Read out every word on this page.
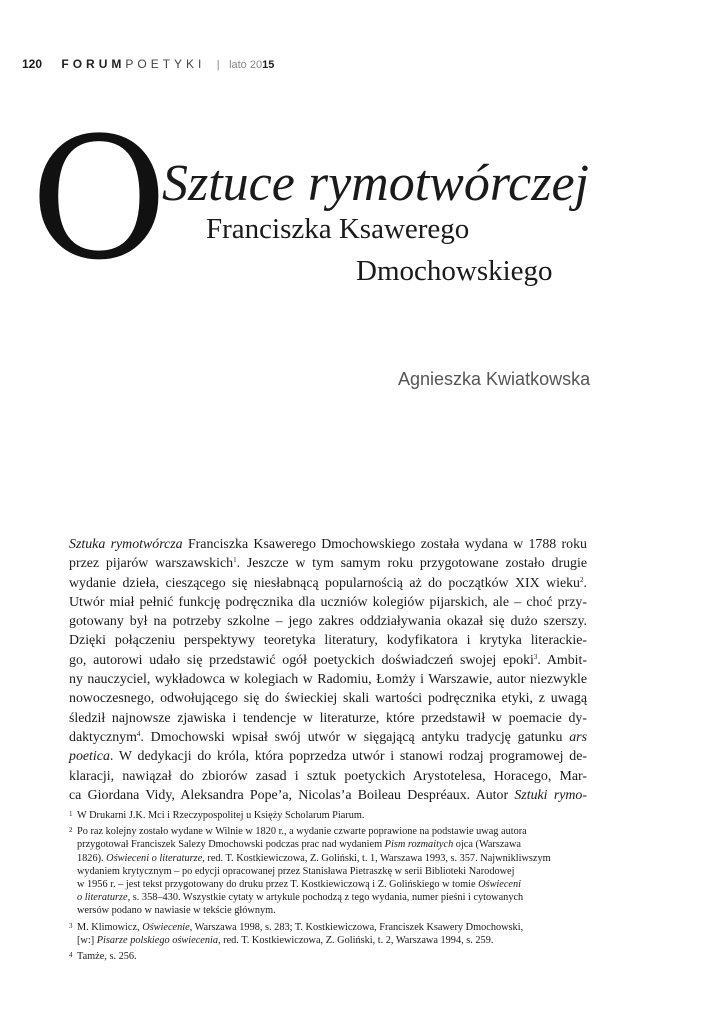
120 FORUMPOETYKI | lato 2015
O
Sztuce rymotwórczej
Franciszka Ksawerego
Dmochowskiego
Agnieszka Kwiatkowska
Sztuka rymotwórcza Franciszka Ksawerego Dmochowskiego została wydana w 1788 roku
przez pijarów warszawskich$^1$. Jeszcze w tym samym roku przygotowane zostało drugie
wydanie dzieła, cieszącego się niesłabnącą popularnością aż do początków XIX wieku$^2$.
Utwór miał pełnić funkcję podręcznika dla uczniów kolegiów pijarskich, ale – choć przy-
gotowany był na potrzeby szkolne – jego zakres oddziaływania okazał się dużo szerszy.
Dzięki połączeniu perspektywy teoretyka literatury, kodyfikatora i krytyka literackie-
go, autorowi udało się przedstawić ogół poetyckich doświadczeń swojej epoki$^3$. Ambit-
ny nauczyciel, wykładowca w kolegiach w Radomiu, Łomży i Warszawie, autor niezwykle
nowoczesnego, odwołującego się do świeckiej skali wartości podręcznika etyki, z uwagą
śledził najnowsze zjawiska i tendencje w literaturze, które przedstawił w poemacie dy-
daktycznym$^4$. Dmochowski wpisał swój utwór w sięgającą antyku tradycję gatunku ars
poetica. W dedykacji do króla, która poprzedza utwór i stanowi rodzaj programowej de-
klaracji, nawiązał do zbiorów zasad i sztuk poetyckich Arystotelesa, Horacego, Mar-
ca Giordana Vidy, Aleksandra Pope’a, Nicolas’a Boileau Despréaux. Autor Sztuki rymo-
1 W Drukarni J.K. Mci i Rzeczypospolitej u Księży Scholarum Piarum.
2 Po raz kolejny zostało wydane w Wilnie w 1820 r., a wydanie czwarte poprawione na podstawie uwag autora
przygotował Franciszek Salezy Dmochowski podczas prac nad wydaniem Pism rozmaitych ojca (Warszawa
1826). Oświeceni o literaturze, red. T. Kostkiewiczowa, Z. Goliński, t. 1, Warszawa 1993, s. 357. Najwnikliwszym
wydaniem krytycznym – po edycji opracowanej przez Stanisława Pietraszkę w serii Biblioteki Narodowej
w 1956 r. – jest tekst przygotowany do druku przez T. Kostkiewiczową i Z. Golińskiego w tomie Oświeceni
o literaturze, s. 358–430. Wszystkie cytaty w artykule pochodzą z tego wydania, numer pieśni i cytowanych
wersów podano w nawiasie w tekście głównym.
3 M. Klimowicz, Oświecenie, Warszawa 1998, s. 283; T. Kostkiewiczowa, Franciszek Ksawery Dmochowski,
[w:] Pisarze polskiego oświecenia, red. T. Kostkiewiczowa, Z. Goliński, t. 2, Warszawa 1994, s. 259.
4 Tamże, s. 256.
